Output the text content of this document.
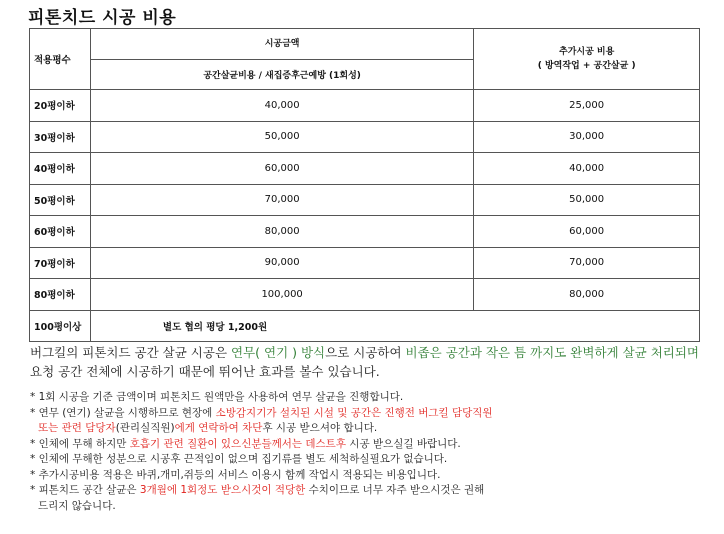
피톤치드 시공 비용
적용평수	시공금액	추가시공 비용
( 방역작업 + 공간살균 )

	공간살균비용 / 새집증후근예방 (1회성)	
20평이하	40,000	25,000
30평이하	50,000	30,000
40평이하	60,000	40,000
50평이하	70,000	50,000
60평이하	80,000	60,000
70평이하	90,000	70,000
80평이하	100,000	80,000
100평이상	별도 협의 평당 1,200원	

버그킬의 피톤치드 공간 살균 시공은 연무( 연기 ) 방식으로 시공하여 비좁은 공간과 작은 틈 까지도 완벽하게 살균 처리되며 요청 공간 전체에 시공하기 때문에 뛰어난 효과를 볼수 있습니다.

* 1회 시공을 기준 금액이며 피톤치드 원액만을 사용하여 연무 살균을 진행합니다.
* 연무 (연기) 살균을 시행하므로 현장에 소방감지기가 설치된 시설 및 공간은 진행전 버그킬 담당직원
또는 관련 담당자(관리실직원)에게 연락하여 차단후 시공 받으셔야 합니다.
* 인체에 무해 하지만 호흡기 관련 질환이 있으신분들께서는 데스트후 시공 받으실길 바랍니다.
* 인체에 무해한 성분으로 시공후 끈적임이 없으며 집기류를 별도 세척하실필요가 없습니다.
* 추가시공비용 적용은 바퀴,개미,쥐등의 서비스 이용시 함께 작업시 적용되는 비용입니다.
* 피톤치드 공간 살균은 3개월에 1회정도 받으시것이 적당한 수치이므로 너무 자주 받으시것은 권해
드리지 않습니다.
